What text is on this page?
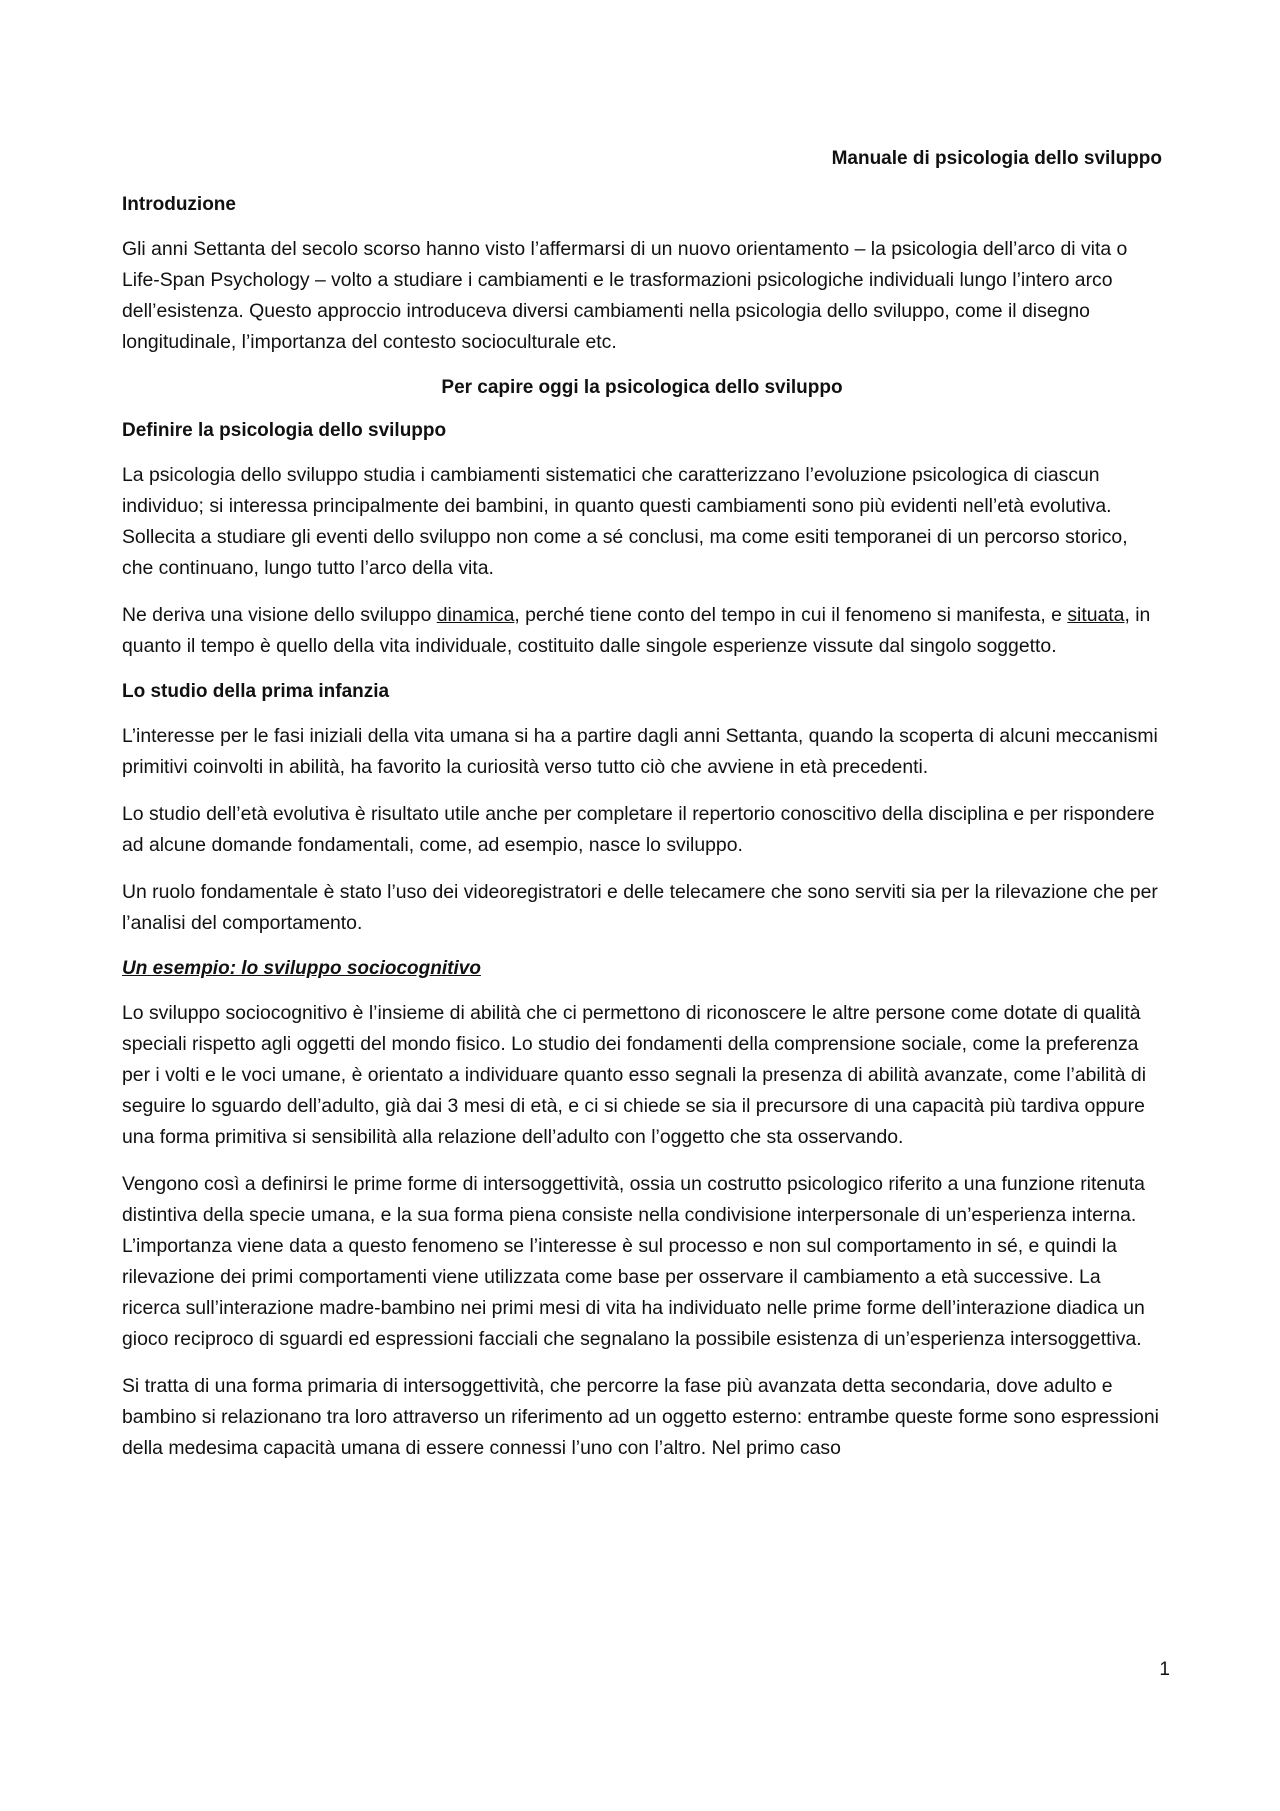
Manuale di psicologia dello sviluppo
Introduzione

Gli anni Settanta del secolo scorso hanno visto l’affermarsi di un nuovo orientamento – la psicologia dell’arco di vita o Life-Span Psychology – volto a studiare i cambiamenti e le trasformazioni psicologiche individuali lungo l’intero arco dell’esistenza. Questo approccio introduceva diversi cambiamenti nella psicologia dello sviluppo, come il disegno longitudinale, l’importanza del contesto socioculturale etc.

Per capire oggi la psicologica dello sviluppo
Definire la psicologia dello sviluppo

La psicologia dello sviluppo studia i cambiamenti sistematici che caratterizzano l’evoluzione psicologica di ciascun individuo; si interessa principalmente dei bambini, in quanto questi cambiamenti sono più evidenti nell’età evolutiva. Sollecita a studiare gli eventi dello sviluppo non come a sé conclusi, ma come esiti temporanei di un percorso storico, che continuano, lungo tutto l’arco della vita.

Ne deriva una visione dello sviluppo dinamica, perché tiene conto del tempo in cui il fenomeno si manifesta, e situata, in quanto il tempo è quello della vita individuale, costituito dalle singole esperienze vissute dal singolo soggetto.

Lo studio della prima infanzia

L’interesse per le fasi iniziali della vita umana si ha a partire dagli anni Settanta, quando la scoperta di alcuni meccanismi primitivi coinvolti in abilità, ha favorito la curiosità verso tutto ciò che avviene in età precedenti.

Lo studio dell’età evolutiva è risultato utile anche per completare il repertorio conoscitivo della disciplina e per rispondere ad alcune domande fondamentali, come, ad esempio, nasce lo sviluppo.

Un ruolo fondamentale è stato l’uso dei videoregistratori e delle telecamere che sono serviti sia per la rilevazione che per l’analisi del comportamento.

Un esempio: lo sviluppo sociocognitivo

Lo sviluppo sociocognitivo è l’insieme di abilità che ci permettono di riconoscere le altre persone come dotate di qualità speciali rispetto agli oggetti del mondo fisico. Lo studio dei fondamenti della comprensione sociale, come la preferenza per i volti e le voci umane, è orientato a individuare quanto esso segnali la presenza di abilità avanzate, come l’abilità di seguire lo sguardo dell’adulto, già dai 3 mesi di età, e ci si chiede se sia il precursore di una capacità più tardiva oppure una forma primitiva si sensibilità alla relazione dell’adulto con l’oggetto che sta osservando.

Vengono così a definirsi le prime forme di intersoggettività, ossia un costrutto psicologico riferito a una funzione ritenuta distintiva della specie umana, e la sua forma piena consiste nella condivisione interpersonale di un’esperienza interna. L’importanza viene data a questo fenomeno se l’interesse è sul processo e non sul comportamento in sé, e quindi la rilevazione dei primi comportamenti viene utilizzata come base per osservare il cambiamento a età successive. La ricerca sull’interazione madre-bambino nei primi mesi di vita ha individuato nelle prime forme dell’interazione diadica un gioco reciproco di sguardi ed espressioni facciali che segnalano la possibile esistenza di un’esperienza intersoggettiva.

Si tratta di una forma primaria di intersoggettività, che percorre la fase più avanzata detta secondaria, dove adulto e bambino si relazionano tra loro attraverso un riferimento ad un oggetto esterno: entrambe queste forme sono espressioni della medesima capacità umana di essere connessi l’uno con l’altro. Nel primo caso

1
